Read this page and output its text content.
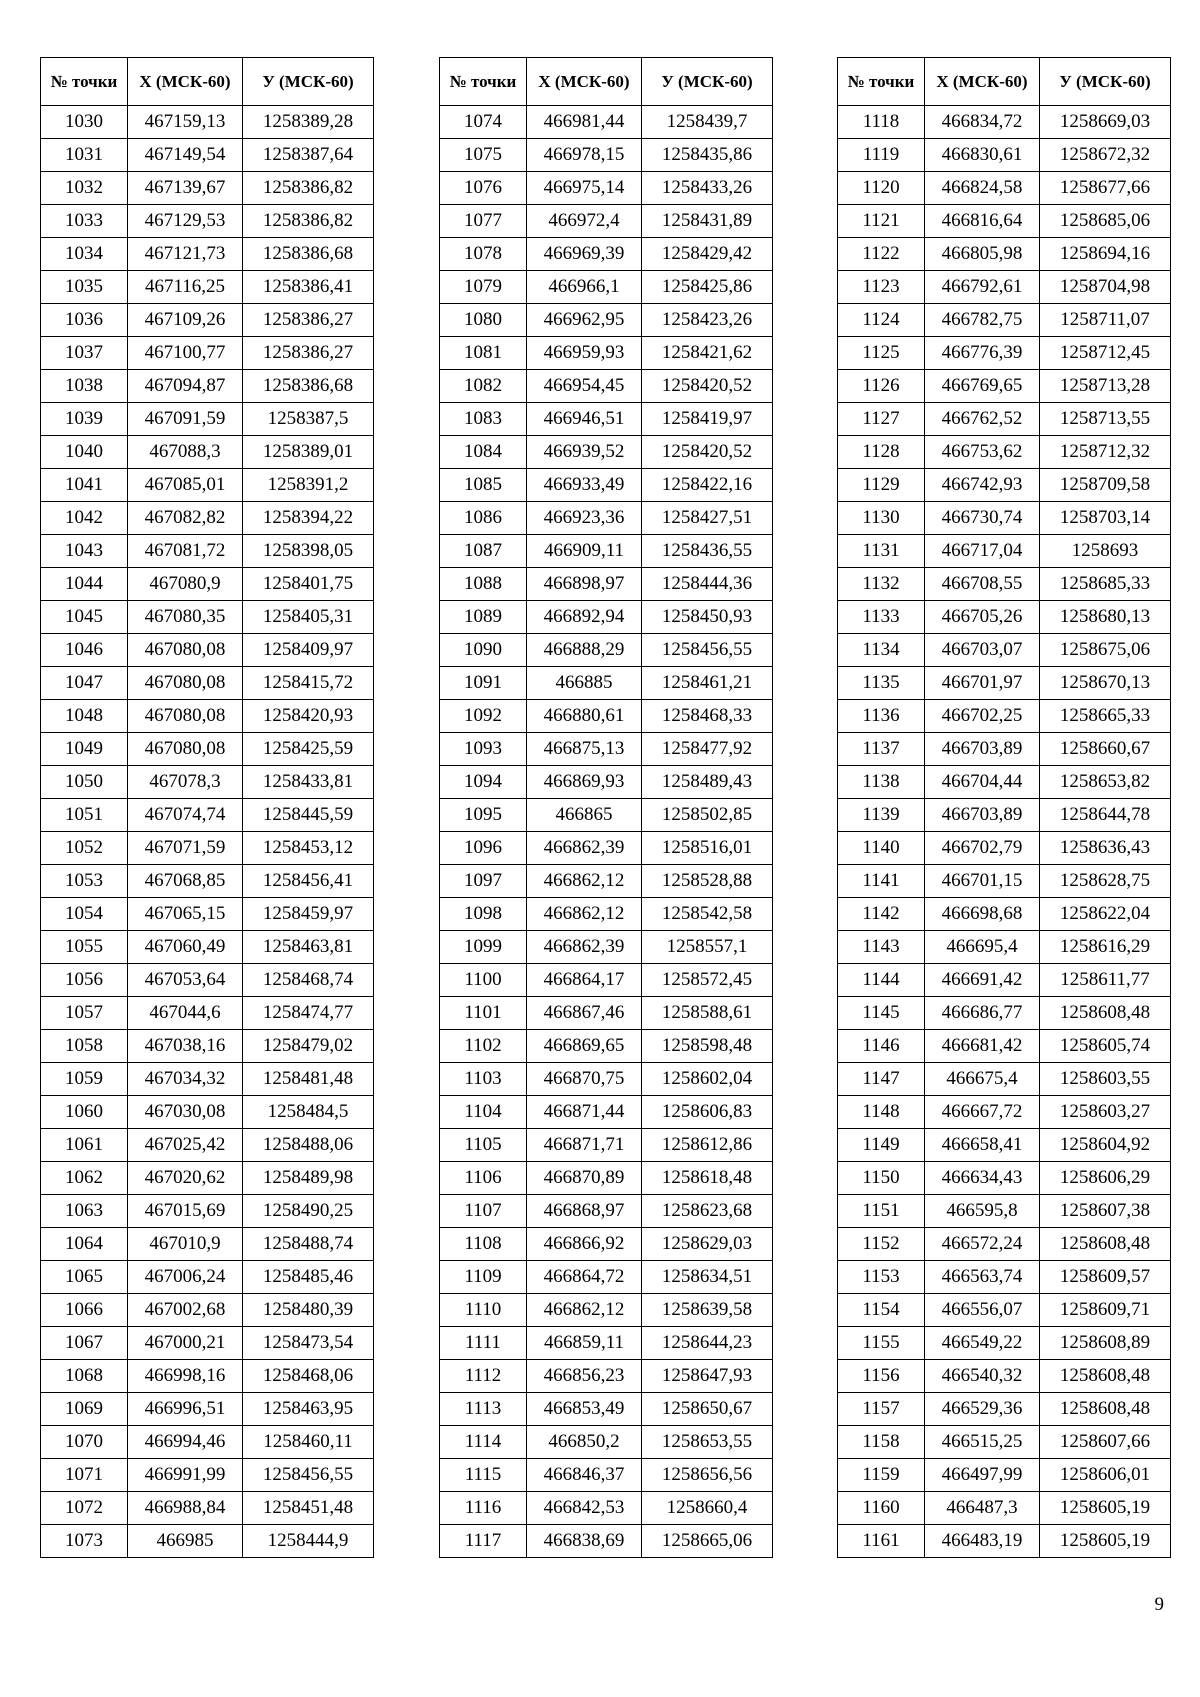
№ точки	Х (МСК-60)	У (МСК-60)
1030	467159,13	1258389,28
1031	467149,54	1258387,64
1032	467139,67	1258386,82
1033	467129,53	1258386,82
1034	467121,73	1258386,68
1035	467116,25	1258386,41
1036	467109,26	1258386,27
1037	467100,77	1258386,27
1038	467094,87	1258386,68
1039	467091,59	1258387,5
1040	467088,3	1258389,01
1041	467085,01	1258391,2
1042	467082,82	1258394,22
1043	467081,72	1258398,05
1044	467080,9	1258401,75
1045	467080,35	1258405,31
1046	467080,08	1258409,97
1047	467080,08	1258415,72
1048	467080,08	1258420,93
1049	467080,08	1258425,59
1050	467078,3	1258433,81
1051	467074,74	1258445,59
1052	467071,59	1258453,12
1053	467068,85	1258456,41
1054	467065,15	1258459,97
1055	467060,49	1258463,81
1056	467053,64	1258468,74
1057	467044,6	1258474,77
1058	467038,16	1258479,02
1059	467034,32	1258481,48
1060	467030,08	1258484,5
1061	467025,42	1258488,06
1062	467020,62	1258489,98
1063	467015,69	1258490,25
1064	467010,9	1258488,74
1065	467006,24	1258485,46
1066	467002,68	1258480,39
1067	467000,21	1258473,54
1068	466998,16	1258468,06
1069	466996,51	1258463,95
1070	466994,46	1258460,11
1071	466991,99	1258456,55
1072	466988,84	1258451,48
1073	466985	1258444,9
№ точки	Х (МСК-60)	У (МСК-60)
1074	466981,44	1258439,7
1075	466978,15	1258435,86
1076	466975,14	1258433,26
1077	466972,4	1258431,89
1078	466969,39	1258429,42
1079	466966,1	1258425,86
1080	466962,95	1258423,26
1081	466959,93	1258421,62
1082	466954,45	1258420,52
1083	466946,51	1258419,97
1084	466939,52	1258420,52
1085	466933,49	1258422,16
1086	466923,36	1258427,51
1087	466909,11	1258436,55
1088	466898,97	1258444,36
1089	466892,94	1258450,93
1090	466888,29	1258456,55
1091	466885	1258461,21
1092	466880,61	1258468,33
1093	466875,13	1258477,92
1094	466869,93	1258489,43
1095	466865	1258502,85
1096	466862,39	1258516,01
1097	466862,12	1258528,88
1098	466862,12	1258542,58
1099	466862,39	1258557,1
1100	466864,17	1258572,45
1101	466867,46	1258588,61
1102	466869,65	1258598,48
1103	466870,75	1258602,04
1104	466871,44	1258606,83
1105	466871,71	1258612,86
1106	466870,89	1258618,48
1107	466868,97	1258623,68
1108	466866,92	1258629,03
1109	466864,72	1258634,51
1110	466862,12	1258639,58
1111	466859,11	1258644,23
1112	466856,23	1258647,93
1113	466853,49	1258650,67
1114	466850,2	1258653,55
1115	466846,37	1258656,56
1116	466842,53	1258660,4
1117	466838,69	1258665,06
№ точки	Х (МСК-60)	У (МСК-60)
1118	466834,72	1258669,03
1119	466830,61	1258672,32
1120	466824,58	1258677,66
1121	466816,64	1258685,06
1122	466805,98	1258694,16
1123	466792,61	1258704,98
1124	466782,75	1258711,07
1125	466776,39	1258712,45
1126	466769,65	1258713,28
1127	466762,52	1258713,55
1128	466753,62	1258712,32
1129	466742,93	1258709,58
1130	466730,74	1258703,14
1131	466717,04	1258693
1132	466708,55	1258685,33
1133	466705,26	1258680,13
1134	466703,07	1258675,06
1135	466701,97	1258670,13
1136	466702,25	1258665,33
1137	466703,89	1258660,67
1138	466704,44	1258653,82
1139	466703,89	1258644,78
1140	466702,79	1258636,43
1141	466701,15	1258628,75
1142	466698,68	1258622,04
1143	466695,4	1258616,29
1144	466691,42	1258611,77
1145	466686,77	1258608,48
1146	466681,42	1258605,74
1147	466675,4	1258603,55
1148	466667,72	1258603,27
1149	466658,41	1258604,92
1150	466634,43	1258606,29
1151	466595,8	1258607,38
1152	466572,24	1258608,48
1153	466563,74	1258609,57
1154	466556,07	1258609,71
1155	466549,22	1258608,89
1156	466540,32	1258608,48
1157	466529,36	1258608,48
1158	466515,25	1258607,66
1159	466497,99	1258606,01
1160	466487,3	1258605,19
1161	466483,19	1258605,19
9
